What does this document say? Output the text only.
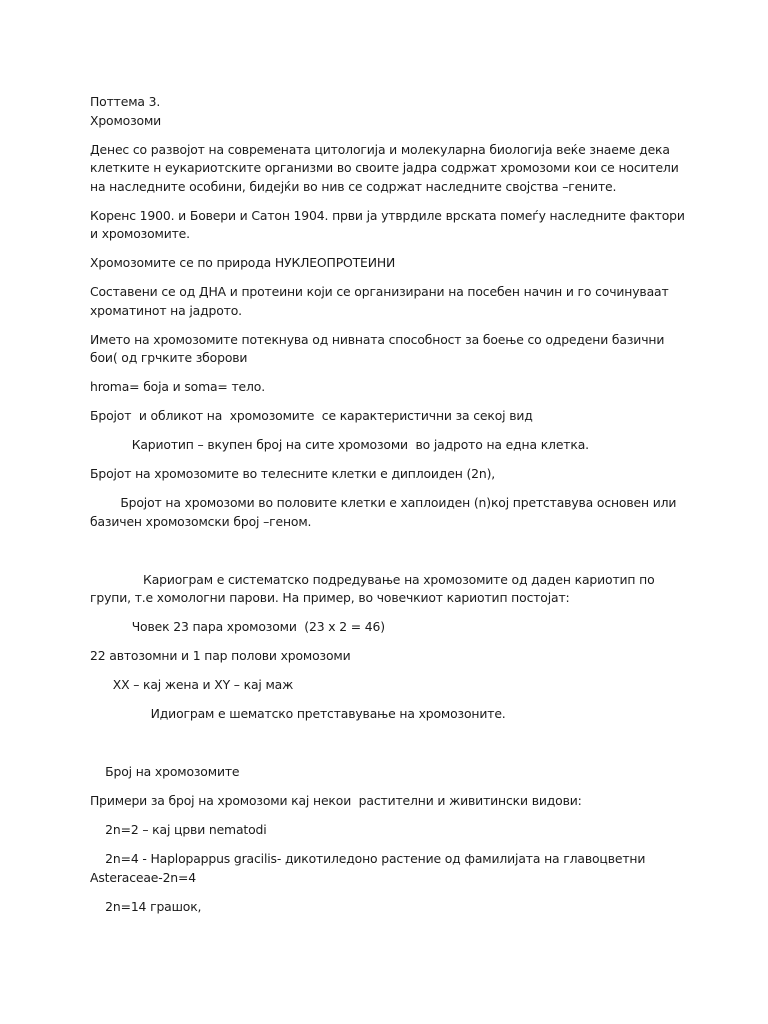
Поттема 3.
Хромозоми

Денес со развојот на современата цитологија и молекуларна биологија веќе знаеме дека клетките н еукариотските организми во своите јадра содржат хромозоми кои се носители на наследните особини, бидејќи во нив се содржат наследните својства –гените.

Коренс 1900. и Бовери и Сатон 1904. први ја утврдиле врската помеѓу наследните фактори и хромозомите.

Хромозомите се по природа НУКЛЕОПРОТЕИНИ

Составени се од ДНА и протеини који се организирани на посебен начин и го сочинуваат хроматинот на јадрото.

Името на хромозомите потекнува од нивната способност за боење со одредени базични бои( од грчките зборови

hroma= боја и soma= тело.

Бројот  и обликот на  хромозомите  се карактеристични за секој вид

Кариотип – вкупен број на сите хромозоми  во јадрото на една клетка.

Бројот на хромозомите во телесните клетки е диплоиден (2n),

Бројот на хромозоми во половите клетки е хаплоиден (n)кој претставува основен или базичен хромозомски број –геном.

Кариограм е систематско подредување на хромозомите од даден кариотип по групи, т.е хомологни парови. На пример, во човечкиот кариотип постојат:

Човек 23 пара хромозоми  (23 x 2 = 46)

22 автозомни и 1 пар полови хромозоми

XX – кај жена и XY – кај маж

Идиограм е шематско претставување на хромозоните.

Број на хромозомите

Примери за број на хромозоми кај некои  растителни и живитински видови:

2n=2 – кај црви nematodi

2n=4 - Haplopappus gracilis- дикотиледоно растение од фамилијата на главоцветни Asteraceae-2n=4

2n=14 грашок,
